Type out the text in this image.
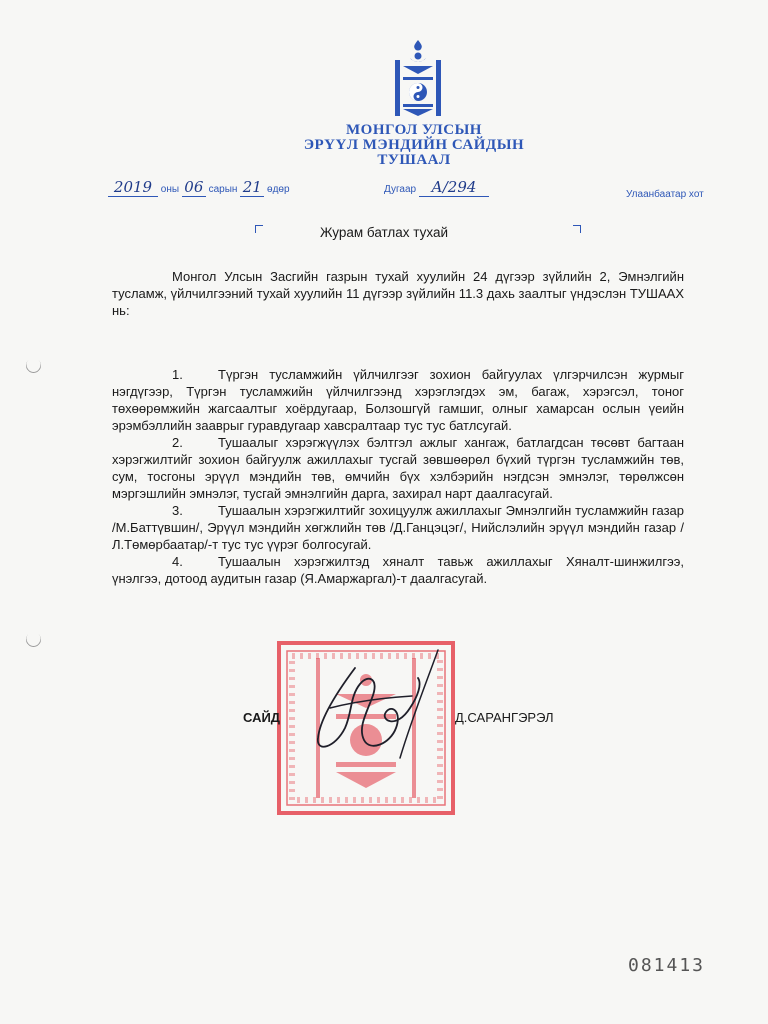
МОНГОЛ УЛСЫН
ЭРҮҮЛ МЭНДИЙН САЙДЫН
ТУШААЛ
2019 оны 06 сарын 21 өдөр	Дугаар А/294	Улаанбаатар хот
Журам батлах тухай

Монгол Улсын Засгийн газрын тухай хуулийн 24 дүгээр зүйлийн 2, Эмнэлгийн тусламж, үйлчилгээний тухай хуулийн 11 дүгээр зүйлийн 11.3 дахь заалтыг үндэслэн ТУШААХ нь:

1.	Түргэн тусламжийн үйлчилгээг зохион байгуулах үлгэрчилсэн журмыг нэгдүгээр, Түргэн тусламжийн үйлчилгээнд хэрэглэгдэх эм, багаж, хэрэгсэл, тоног төхөөрөмжийн жагсаалтыг хоёрдугаар, Болзошгүй гамшиг, олныг хамарсан ослын үеийн эрэмбэллийн зааврыг гуравдугаар хавсралтаар тус тус батлсугай.

2.	Тушаалыг хэрэгжүүлэх бэлтгэл ажлыг хангаж, батлагдсан төсөвт багтаан хэрэгжилтийг зохион байгуулж ажиллахыг тусгай зөвшөөрөл бүхий түргэн тусламжийн төв, сум, тосгоны эрүүл мэндийн төв, өмчийн бүх хэлбэрийн нэгдсэн эмнэлэг, төрөлжсөн мэргэшлийн эмнэлэг, тусгай эмнэлгийн дарга, захирал нарт даалгасугай.

3.	Тушаалын хэрэгжилтийг зохицуулж ажиллахыг Эмнэлгийн тусламжийн газар /М.Баттүвшин/, Эрүүл мэндийн хөгжлийн төв /Д.Ганцэцэг/, Нийслэлийн эрүүл мэндийн газар /Л.Төмөрбаатар/-т тус тус үүрэг болгосугай.

4.	Тушаалын хэрэгжилтэд хяналт тавьж ажиллахыг Хяналт-шинжилгээ, үнэлгээ, дотоод аудитын газар (Я.Амаржаргал)-т даалгасугай.

САЙД	Д.САРАНГЭРЭЛ
081413
